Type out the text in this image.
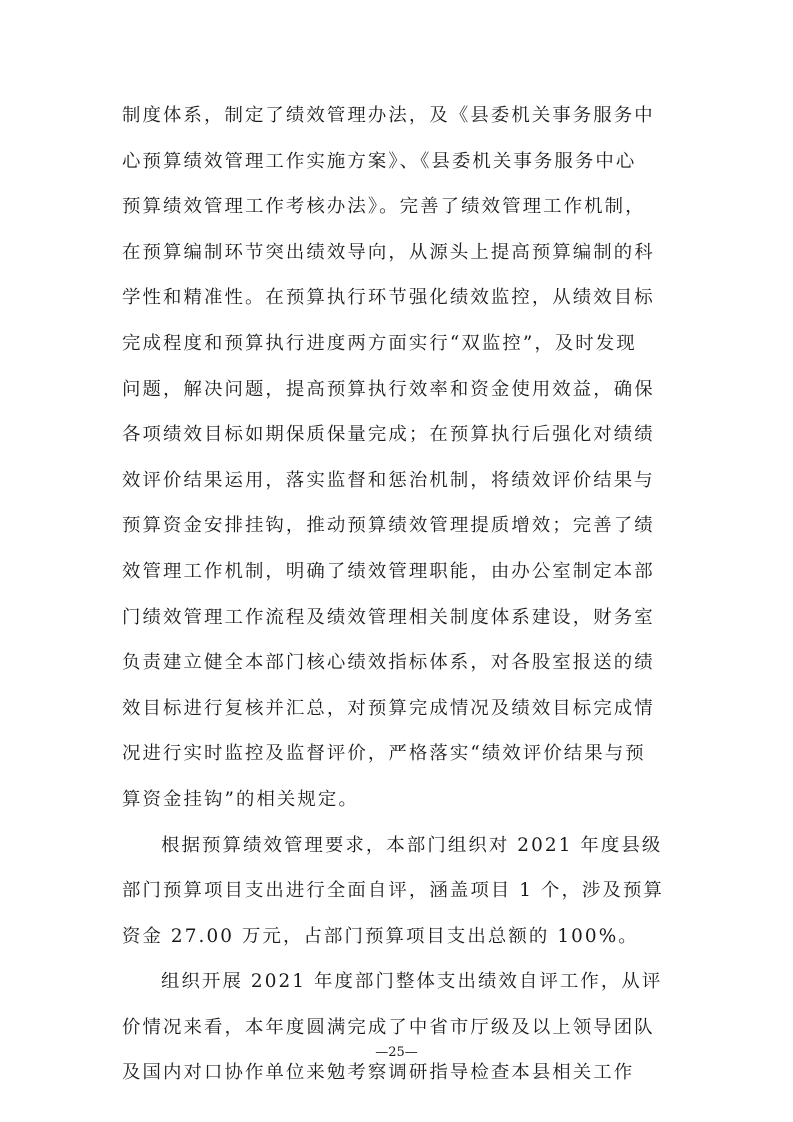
制度体系，制定了绩效管理办法，及《县委机关事务服务中
心预算绩效管理工作实施方案》、《县委机关事务服务中心
预算绩效管理工作考核办法》。完善了绩效管理工作机制，
在预算编制环节突出绩效导向，从源头上提高预算编制的科
学性和精准性。在预算执行环节强化绩效监控，从绩效目标
完成程度和预算执行进度两方面实行“双监控”，及时发现
问题，解决问题，提高预算执行效率和资金使用效益，确保
各项绩效目标如期保质保量完成；在预算执行后强化对绩绩
效评价结果运用，落实监督和惩治机制，将绩效评价结果与
预算资金安排挂钩，推动预算绩效管理提质增效；完善了绩
效管理工作机制，明确了绩效管理职能，由办公室制定本部
门绩效管理工作流程及绩效管理相关制度体系建设，财务室
负责建立健全本部门核心绩效指标体系，对各股室报送的绩
效目标进行复核并汇总，对预算完成情况及绩效目标完成情
况进行实时监控及监督评价，严格落实“绩效评价结果与预
算资金挂钩”的相关规定。

根据预算绩效管理要求，本部门组织对 2021 年度县级
部门预算项目支出进行全面自评，涵盖项目 1 个，涉及预算
资金 27.00 万元，占部门预算项目支出总额的 100%。

组织开展 2021 年度部门整体支出绩效自评工作，从评
价情况来看，本年度圆满完成了中省市厅级及以上领导团队
及国内对口协作单位来勉考察调研指导检查本县相关工作

—25—
